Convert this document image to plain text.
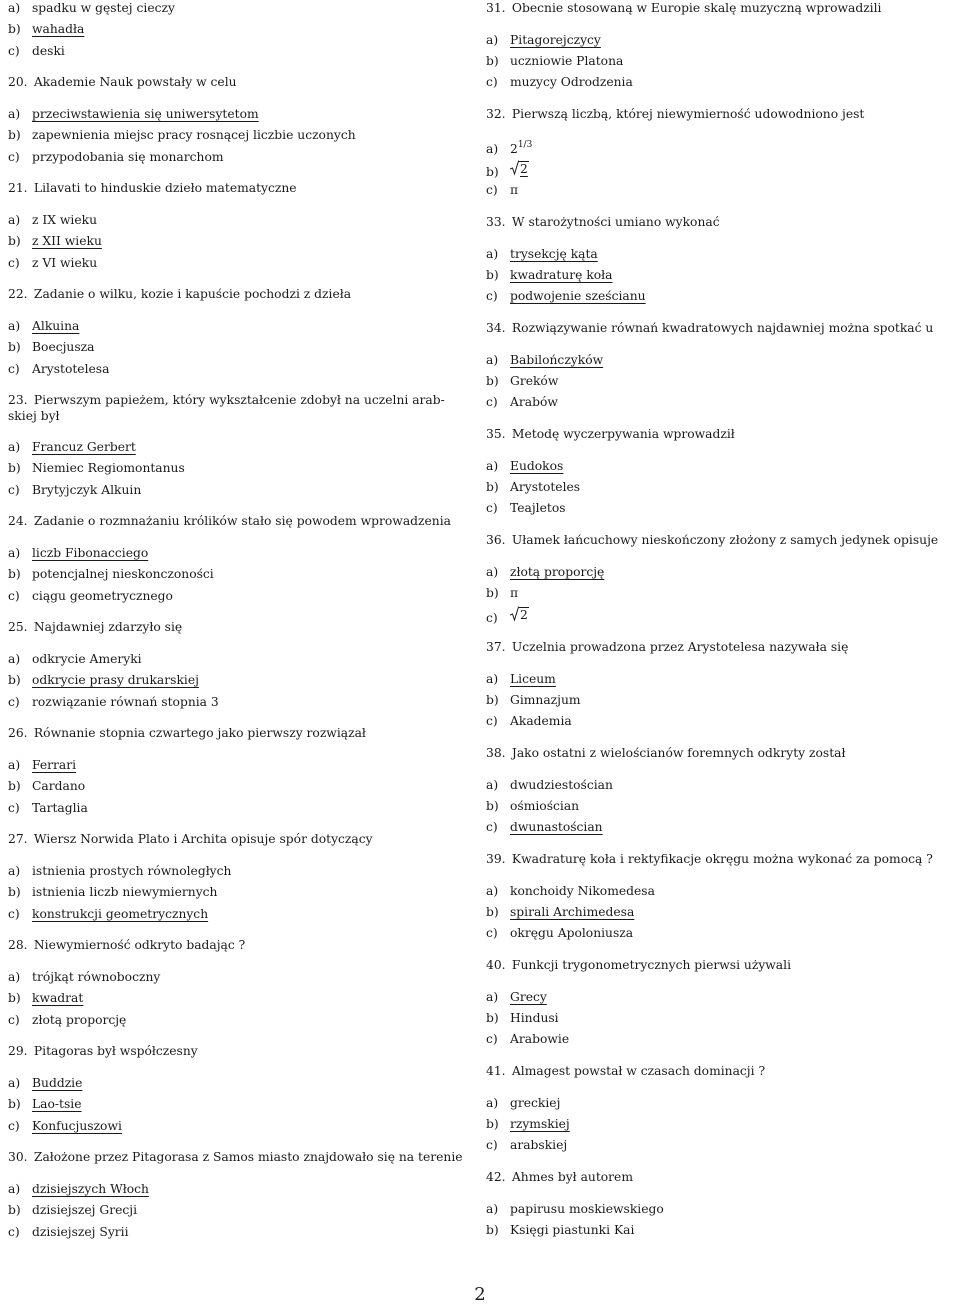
a) spadku w gęstej cieczy
b) wahadła
c) deski
20. Akademie Nauk powstały w celu
a) przeciwstawienia się uniwersytetom
b) zapewnienia miejsc pracy rosnącej liczbie uczonych
c) przypodobania się monarchom
21. Lilavati to hinduskie dzieło matematyczne
a) z IX wieku
b) z XII wieku
c) z VI wieku
22. Zadanie o wilku, kozie i kapuście pochodzi z dzieła
a) Alkuina
b) Boecjusza
c) Arystotelesa
23. Pierwszym papieżem, który wykształcenie zdobył na uczelni arab-
skiej był
a) Francuz Gerbert
b) Niemiec Regiomontanus
c) Brytyjczyk Alkuin
24. Zadanie o rozmnażaniu królików stało się powodem wprowadzenia
a) liczb Fibonacciego
b) potencjalnej nieskonczoności
c) ciągu geometrycznego
25. Najdawniej zdarzyło się
a) odkrycie Ameryki
b) odkrycie prasy drukarskiej
c) rozwiązanie równań stopnia 3
26. Równanie stopnia czwartego jako pierwszy rozwiązał
a) Ferrari
b) Cardano
c) Tartaglia
27. Wiersz Norwida Plato i Archita opisuje spór dotyczący
a) istnienia prostych równoległych
b) istnienia liczb niewymiernych
c) konstrukcji geometrycznych
28. Niewymierność odkryto badając ?
a) trójkąt równoboczny
b) kwadrat
c) złotą proporcję
29. Pitagoras był współczesny
a) Buddzie
b) Lao-tsie
c) Konfucjuszowi
30. Założone przez Pitagorasa z Samos miasto znajdowało się na terenie
a) dzisiejszych Włoch
b) dzisiejszej Grecji
c) dzisiejszej Syrii
31. Obecnie stosowaną w Europie skalę muzyczną wprowadzili
a) Pitagorejczycy
b) uczniowie Platona
c) muzycy Odrodzenia
32. Pierwszą liczbą, której niewymierność udowodniono jest
a) $2^{1/3}$
b) 2
c) π
33. W starożytności umiano wykonać
a) trysekcję kąta
b) kwadraturę koła
c) podwojenie sześcianu
34. Rozwiązywanie równań kwadratowych najdawniej można spotkać u
a) Babilończyków
b) Greków
c) Arabów
35. Metodę wyczerpywania wprowadził
a) Eudokos
b) Arystoteles
c) Teajletos
36. Ułamek łańcuchowy nieskończony złożony z samych jedynek opisuje
a) złotą proporcję
b) π
c) 2
37. Uczelnia prowadzona przez Arystotelesa nazywała się
a) Liceum
b) Gimnazjum
c) Akademia
38. Jako ostatni z wielościanów foremnych odkryty został
a) dwudziestościan
b) ośmiościan
c) dwunastościan
39. Kwadraturę koła i rektyfikacje okręgu można wykonać za pomocą ?
a) konchoidy Nikomedesa
b) spirali Archimedesa
c) okręgu Apoloniusza
40. Funkcji trygonometrycznych pierwsi używali
a) Grecy
b) Hindusi
c) Arabowie
41. Almagest powstał w czasach dominacji ?
a) greckiej
b) rzymskiej
c) arabskiej
42. Ahmes był autorem
a) papirusu moskiewskiego
b) Księgi piastunki Kai
2
